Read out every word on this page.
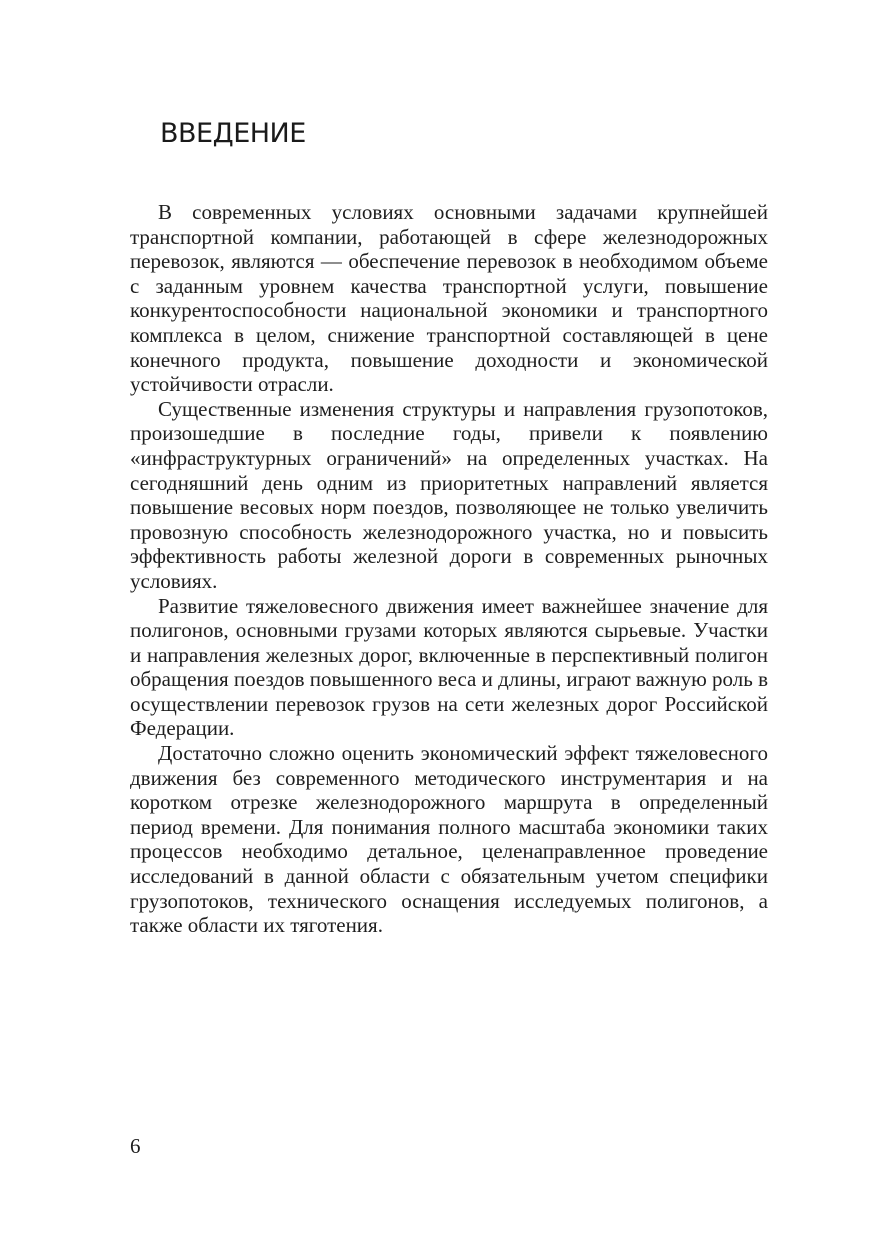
ВВЕДЕНИЕ

В современных условиях основными задачами крупнейшей транспортной компании, работающей в сфере железнодорожных перевозок, являются — обеспечение перевозок в необходимом объеме с заданным уровнем качества транспортной услуги, повышение конкурентоспособности национальной экономики и транспортного комплекса в целом, снижение транспортной составляющей в цене конечного продукта, повышение доходности и экономической устойчивости отрасли.

Существенные изменения структуры и направления грузопотоков, произошедшие в последние годы, привели к появлению «инфраструктурных ограничений» на определенных участках. На сегодняшний день одним из приоритетных направлений является повышение весовых норм поездов, позволяющее не только увеличить провозную способность железнодорожного участка, но и повысить эффективность работы железной дороги в современных рыночных условиях.

Развитие тяжеловесного движения имеет важнейшее значение для полигонов, основными грузами которых являются сырьевые. Участки и направления железных дорог, включенные в перспективный полигон обращения поездов повышенного веса и длины, играют важную роль в осуществлении перевозок грузов на сети железных дорог Российской Федерации.

Достаточно сложно оценить экономический эффект тяжеловесного движения без современного методического инструментария и на коротком отрезке железнодорожного маршрута в определенный период времени. Для понимания полного масштаба экономики таких процессов необходимо детальное, целенаправленное проведение исследований в данной области с обязательным учетом специфики грузопотоков, технического оснащения исследуемых полигонов, а также области их тяготения.

6
